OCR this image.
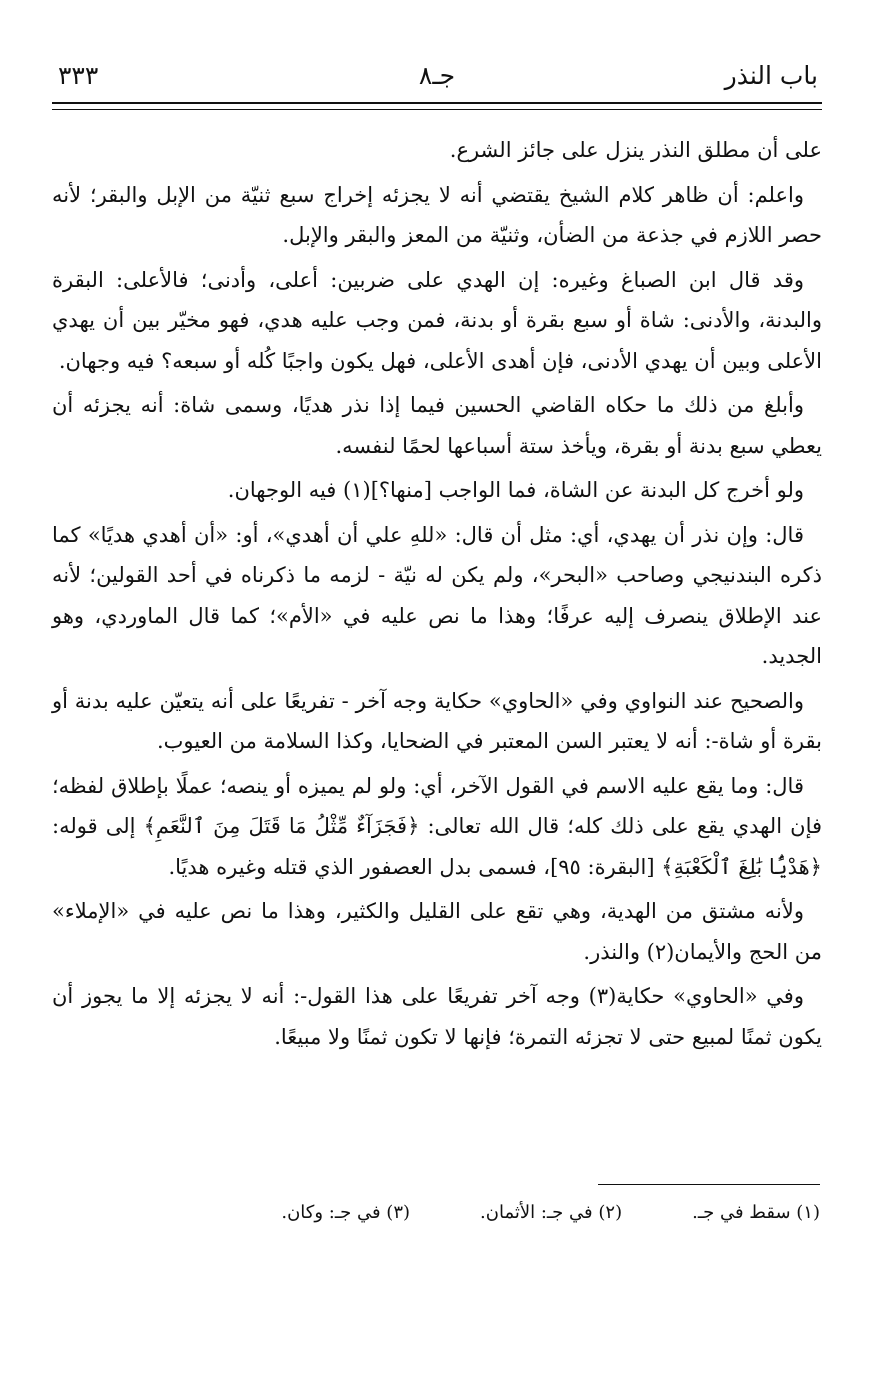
باب النذر
جـ٨
٣٣٣

على أن مطلق النذر ينزل على جائز الشرع.

واعلم: أن ظاهر كلام الشيخ يقتضي أنه لا يجزئه إخراج سبع ثنيّة من الإبل والبقر؛ لأنه حصر اللازم في جذعة من الضأن، وثنيّة من المعز والبقر والإبل.

وقد قال ابن الصباغ وغيره: إن الهدي على ضربين: أعلى، وأدنى؛ فالأعلى: البقرة والبدنة، والأدنى: شاة أو سبع بقرة أو بدنة، فمن وجب عليه هدي، فهو مخيّر بين أن يهدي الأعلى وبين أن يهدي الأدنى، فإن أهدى الأعلى، فهل يكون واجبًا كُله أو سبعه؟ فيه وجهان.

وأبلغ من ذلك ما حكاه القاضي الحسين فيما إذا نذر هديًا، وسمى شاة: أنه يجزئه أن يعطي سبع بدنة أو بقرة، ويأخذ ستة أسباعها لحمًا لنفسه.

ولو أخرج كل البدنة عن الشاة، فما الواجب [منها؟](١) فيه الوجهان.

قال: وإن نذر أن يهدي، أي: مثل أن قال: «للهِ علي أن أهدي»، أو: «أن أهدي هديًا» كما ذكره البندنيجي وصاحب «البحر»، ولم يكن له نيّة - لزمه ما ذكرناه في أحد القولين؛ لأنه عند الإطلاق ينصرف إليه عرفًا؛ وهذا ما نص عليه في «الأم»؛ كما قال الماوردي، وهو الجديد.

والصحيح عند النواوي وفي «الحاوي» حكاية وجه آخر - تفريعًا على أنه يتعيّن عليه بدنة أو بقرة أو شاة-: أنه لا يعتبر السن المعتبر في الضحايا، وكذا السلامة من العيوب.

قال: وما يقع عليه الاسم في القول الآخر، أي: ولو لم يميزه أو ينصه؛ عملًا بإطلاق لفظه؛ فإن الهدي يقع على ذلك كله؛ قال الله تعالى: ﴿فَجَزَآءٌ مِّثْلُ مَا قَتَلَ مِنَ ٱلنَّعَمِ﴾ إلى قوله: ﴿هَدْيًۢا بَٰلِغَ ٱلْكَعْبَةِ﴾ [البقرة: ٩٥]، فسمى بدل العصفور الذي قتله وغيره هديًا.

ولأنه مشتق من الهدية، وهي تقع على القليل والكثير، وهذا ما نص عليه في «الإملاء» من الحج والأيمان(٢) والنذر.

وفي «الحاوي» حكاية(٣) وجه آخر تفريعًا على هذا القول-: أنه لا يجزئه إلا ما يجوز أن يكون ثمنًا لمبيع حتى لا تجزئه التمرة؛ فإنها لا تكون ثمنًا ولا مبيعًا.

(١) سقط في جـ.(٢) في جـ: الأثمان.(٣) في جـ: وكان.
